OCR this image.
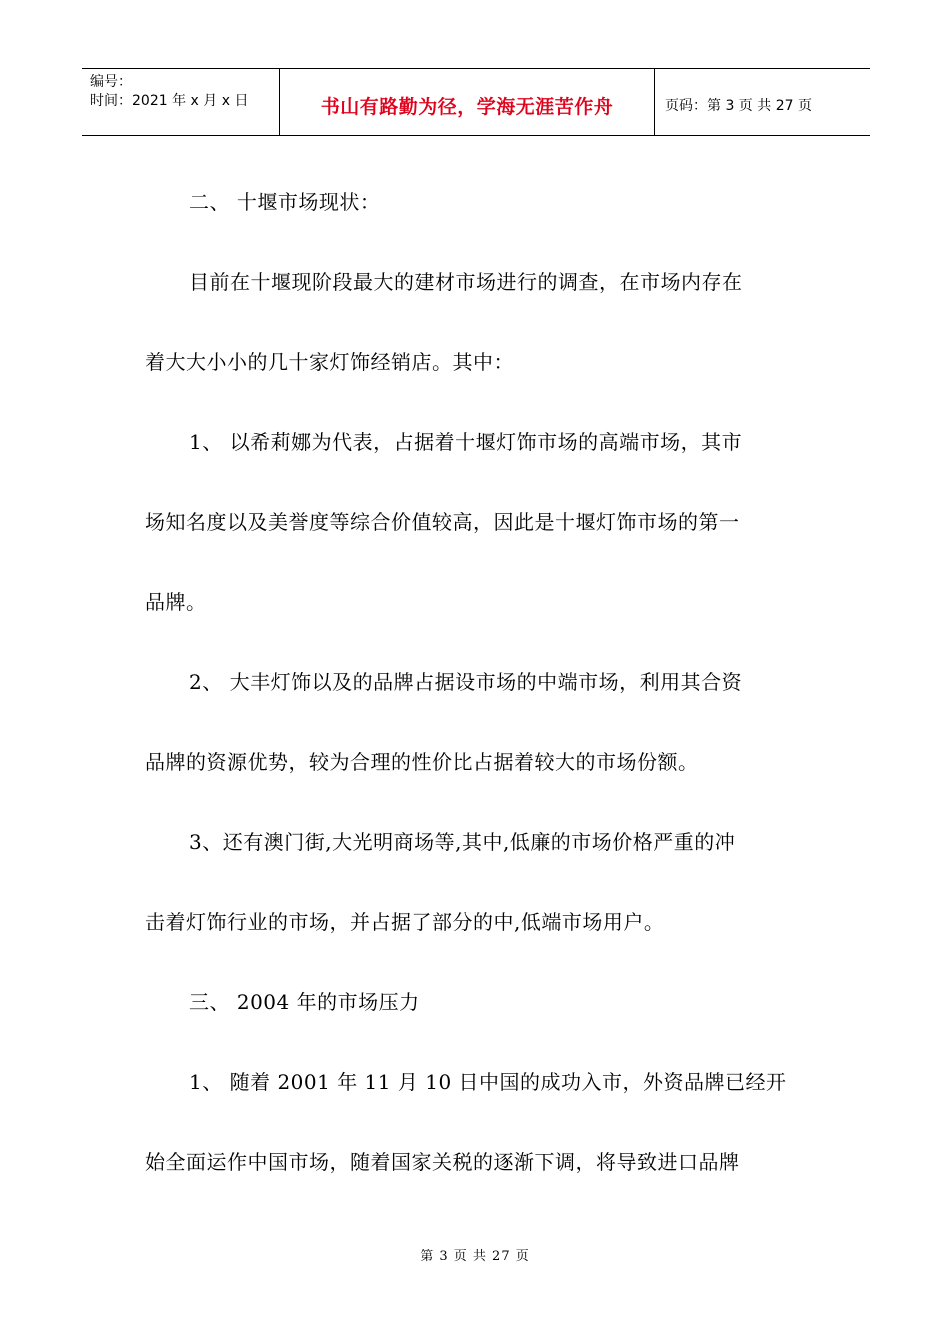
编号：
时间：2021 年 x 月 x 日	书山有路勤为径，学海无涯苦作舟	页码：第 3 页 共 27 页
二、 十堰市场现状：
目前在十堰现阶段最大的建材市场进行的调查，在市场内存在
着大大小小的几十家灯饰经销店。其中：
1、 以希莉娜为代表，占据着十堰灯饰市场的高端市场，其市
场知名度以及美誉度等综合价值较高，因此是十堰灯饰市场的第一
品牌。
2、 大丰灯饰以及的品牌占据设市场的中端市场，利用其合资
品牌的资源优势，较为合理的性价比占据着较大的市场份额。
3、还有澳门街,大光明商场等,其中,低廉的市场价格严重的冲
击着灯饰行业的市场，并占据了部分的中,低端市场用户。
三、 2004 年的市场压力
1、 随着 2001 年 11 月 10 日中国的成功入市，外资品牌已经开
始全面运作中国市场，随着国家关税的逐渐下调，将导致进口品牌
第 3 页 共 27 页
